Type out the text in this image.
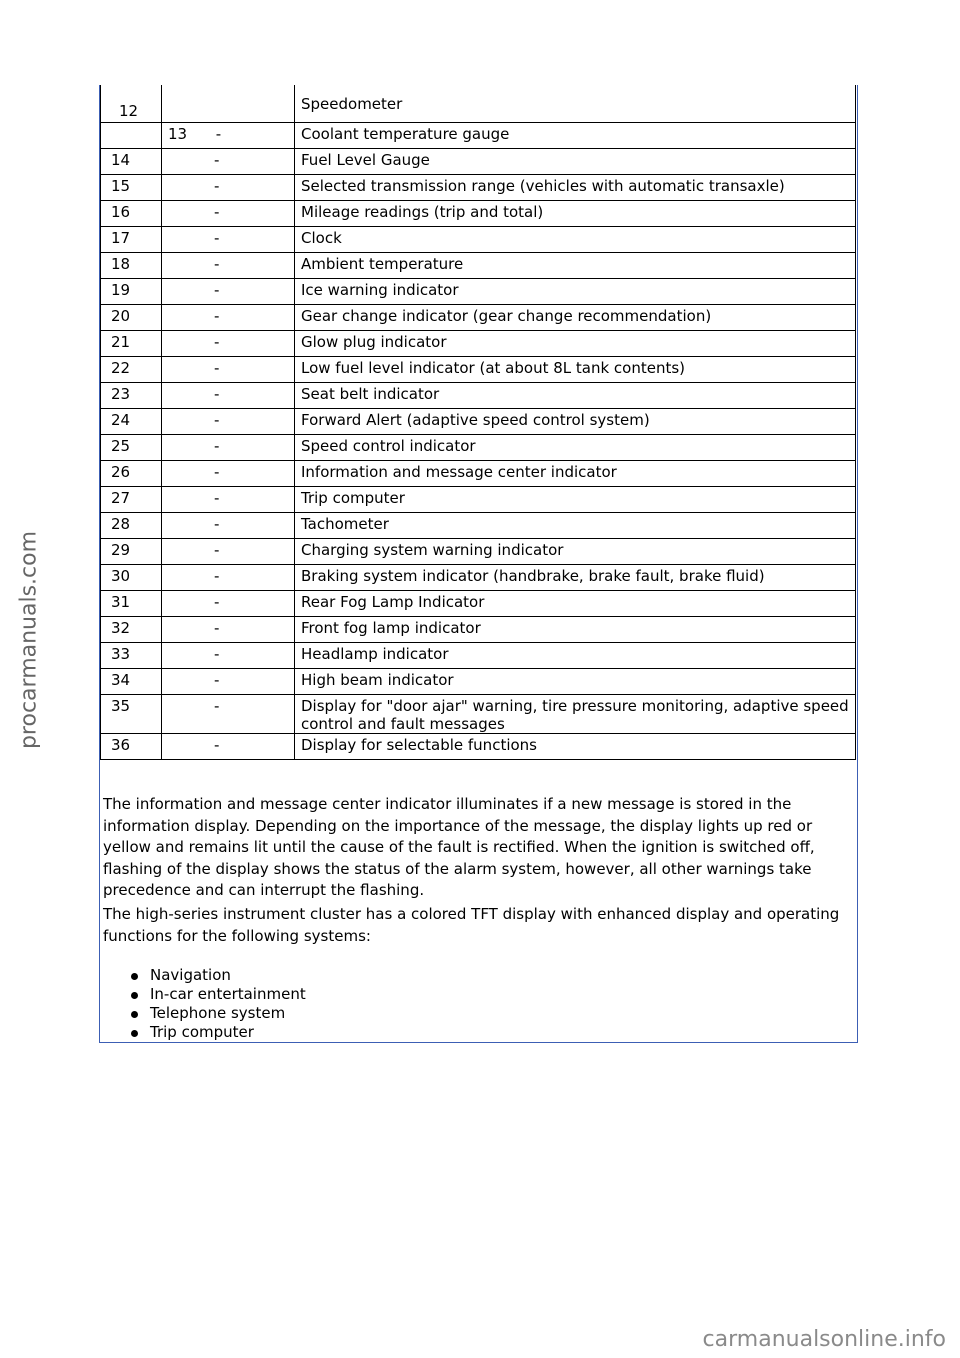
procarmanuals.com
12		Speedometer
	13      -	Coolant temperature gauge
14	-	Fuel Level Gauge
15	-	Selected transmission range (vehicles with automatic transaxle)
16	-	Mileage readings (trip and total)
17	-	Clock
18	-	Ambient temperature
19	-	Ice warning indicator
20	-	Gear change indicator (gear change recommendation)
21	-	Glow plug indicator
22	-	Low fuel level indicator (at about 8L tank contents)
23	-	Seat belt indicator
24	-	Forward Alert (adaptive speed control system)
25	-	Speed control indicator
26	-	Information and message center indicator
27	-	Trip computer
28	-	Tachometer
29	-	Charging system warning indicator
30	-	Braking system indicator (handbrake, brake fault, brake fluid)
31	-	Rear Fog Lamp Indicator
32	-	Front fog lamp indicator
33	-	Headlamp indicator
34	-	High beam indicator
35	-	Display for "door ajar" warning, tire pressure monitoring, adaptive speed control and fault messages
36	-	Display for selectable functions

The information and message center indicator illuminates if a new message is stored in the information display. Depending on the importance of the message, the display lights up red or yellow and remains lit until the cause of the fault is rectified. When the ignition is switched off, flashing of the display shows the status of the alarm system, however, all other warnings take precedence and can interrupt the flashing.

The high-series instrument cluster has a colored TFT display with enhanced display and operating functions for the following systems:

Navigation
In-car entertainment
Telephone system
Trip computer
carmanualsonline.info
